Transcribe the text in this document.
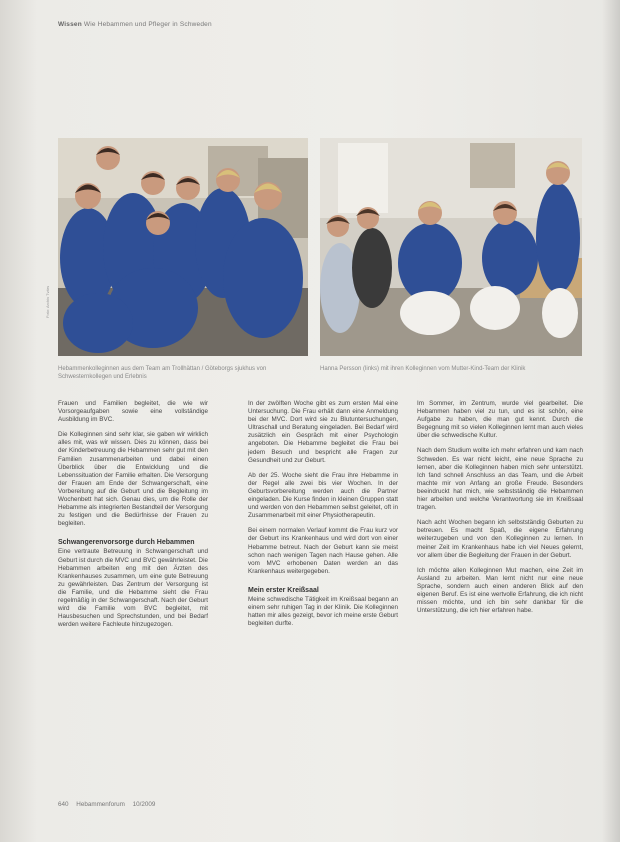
Wissen Wie Hebammen und Pfleger in Schweden
Foto: Archiv Tvärs
Hebammenkolleginnen aus dem Team am Trollhättan / Göteborgs sjukhus von Schwesternkollegen und Erlebnis
Hanna Persson (links) mit ihren Kolleginnen vom Mutter-Kind-Team der Klinik

Frauen und Familien begleitet, die wie wir Vorsorgeaufgaben sowie eine vollständige Ausbildung im BVC.

Die Kolleginnen sind sehr klar, sie gaben wir wirklich alles mit, was wir wissen. Dies zu können, dass bei der Kinderbetreuung die Hebammen sehr gut mit den Familien zusammenarbeiten und dabei einen Überblick über die Entwicklung und die Lebenssituation der Familie erhalten. Die Versorgung der Frauen am Ende der Schwangerschaft, eine Vorbereitung auf die Geburt und die Begleitung im Wochenbett hat sich. Genau dies, um die Rolle der Hebamme als integrierten Bestandteil der Versorgung zu festigen und die Bedürfnisse der Frauen zu begleiten.

Schwangerenvorsorge durch Hebammen

Eine vertraute Betreuung in Schwangerschaft und Geburt ist durch die MVC und BVC gewährleistet. Die Hebammen arbeiten eng mit den Ärzten des Krankenhauses zusammen, um eine gute Betreuung zu gewährleisten. Das Zentrum der Versorgung ist die Familie, und die Hebamme sieht die Frau regelmäßig in der Schwangerschaft. Nach der Geburt wird die Familie vom BVC begleitet, mit Hausbesuchen und Sprechstunden, und bei Bedarf werden weitere Fachleute hinzugezogen.

In der zwölften Woche gibt es zum ersten Mal eine Untersuchung. Die Frau erhält dann eine Anmeldung bei der MVC. Dort wird sie zu Blutuntersuchungen, Ultraschall und Beratung eingeladen. Bei Bedarf wird zusätzlich ein Gespräch mit einer Psychologin angeboten. Die Hebamme begleitet die Frau bei jedem Besuch und bespricht alle Fragen zur Gesundheit und zur Geburt.

Ab der 25. Woche sieht die Frau ihre Hebamme in der Regel alle zwei bis vier Wochen. In der Geburtsvorbereitung werden auch die Partner eingeladen. Die Kurse finden in kleinen Gruppen statt und werden von den Hebammen selbst geleitet, oft in Zusammenarbeit mit einer Physiotherapeutin.

Bei einem normalen Verlauf kommt die Frau kurz vor der Geburt ins Krankenhaus und wird dort von einer Hebamme betreut. Nach der Geburt kann sie meist schon nach wenigen Tagen nach Hause gehen. Alle vom MVC erhobenen Daten werden an das Krankenhaus weitergegeben.

Mein erster Kreißsaal

Meine schwedische Tätigkeit im Kreißsaal begann an einem sehr ruhigen Tag in der Klinik. Die Kolleginnen hatten mir alles gezeigt, bevor ich meine erste Geburt begleiten durfte.

Im Sommer, im Zentrum, wurde viel gearbeitet. Die Hebammen haben viel zu tun, und es ist schön, eine Aufgabe zu haben, die man gut kennt. Durch die Begegnung mit so vielen Kolleginnen lernt man auch vieles über die schwedische Kultur.

Nach dem Studium wollte ich mehr erfahren und kam nach Schweden. Es war nicht leicht, eine neue Sprache zu lernen, aber die Kolleginnen haben mich sehr unterstützt. Ich fand schnell Anschluss an das Team, und die Arbeit machte mir von Anfang an große Freude. Besonders beeindruckt hat mich, wie selbstständig die Hebammen hier arbeiten und welche Verantwortung sie im Kreißsaal tragen.

Nach acht Wochen begann ich selbstständig Geburten zu betreuen. Es macht Spaß, die eigene Erfahrung weiterzugeben und von den Kolleginnen zu lernen. In meiner Zeit im Krankenhaus habe ich viel Neues gelernt, vor allem über die Begleitung der Frauen in der Geburt.

Ich möchte allen Kolleginnen Mut machen, eine Zeit im Ausland zu arbeiten. Man lernt nicht nur eine neue Sprache, sondern auch einen anderen Blick auf den eigenen Beruf. Es ist eine wertvolle Erfahrung, die ich nicht missen möchte, und ich bin sehr dankbar für die Unterstützung, die ich hier erfahren habe.

640 Hebammenforum 10/2009
